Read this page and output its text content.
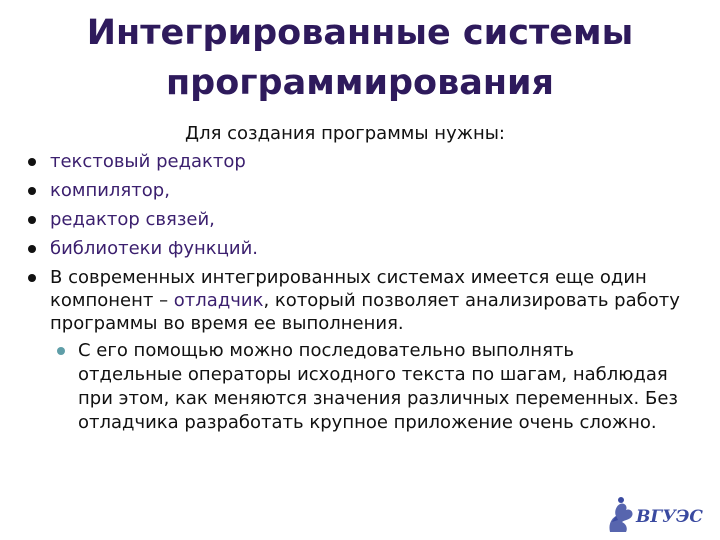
Интегрированные системы
программирования
Для создания программы нужны:
текстовый редактор
компилятор,
редактор связей,
библиотеки функций.
В современных интегрированных системах имеется еще один компонент – отладчик, который позволяет анализировать работу программы во время ее выполнения.
С его помощью можно последовательно выполнять отдельные операторы исходного текста по шагам, наблюдая при этом, как меняются значения различных переменных. Без отладчика разработать крупное приложение очень сложно.
ВГУЭС
